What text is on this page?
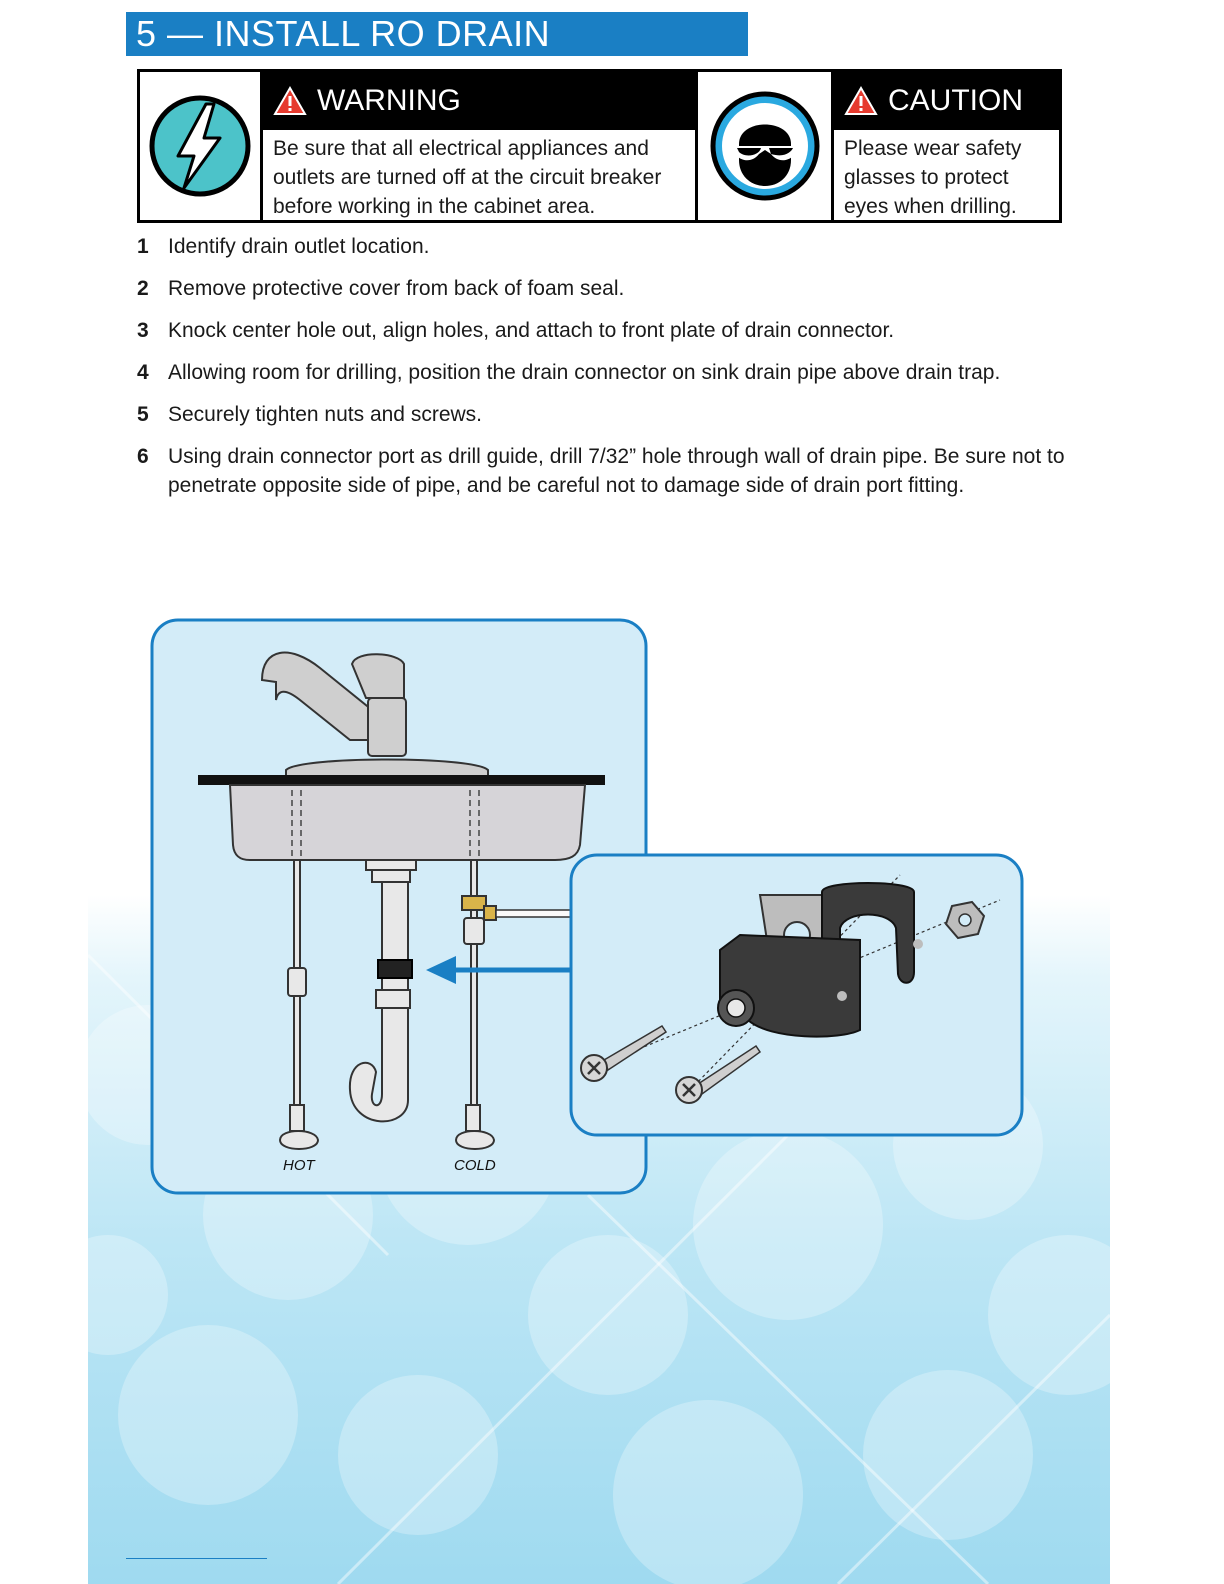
5 — INSTALL RO DRAIN
WARNING
Be sure that all electrical appliances and outlets are turned off at the circuit breaker before working in the cabinet area.
CAUTION
Please wear safety glasses to protect eyes when drilling.
1 Identify drain outlet location.
2 Remove protective cover from back of foam seal.
3 Knock center hole out, align holes, and attach to front plate of drain connector.
4 Allowing room for drilling, position the drain connector on sink drain pipe above drain trap.
5 Securely tighten nuts and screws.
6 Using drain connector port as drill guide, drill 7/32” hole through wall of drain pipe. Be sure not to penetrate opposite side of pipe, and be careful not to damage side of drain port fitting.
HOT	COLD
